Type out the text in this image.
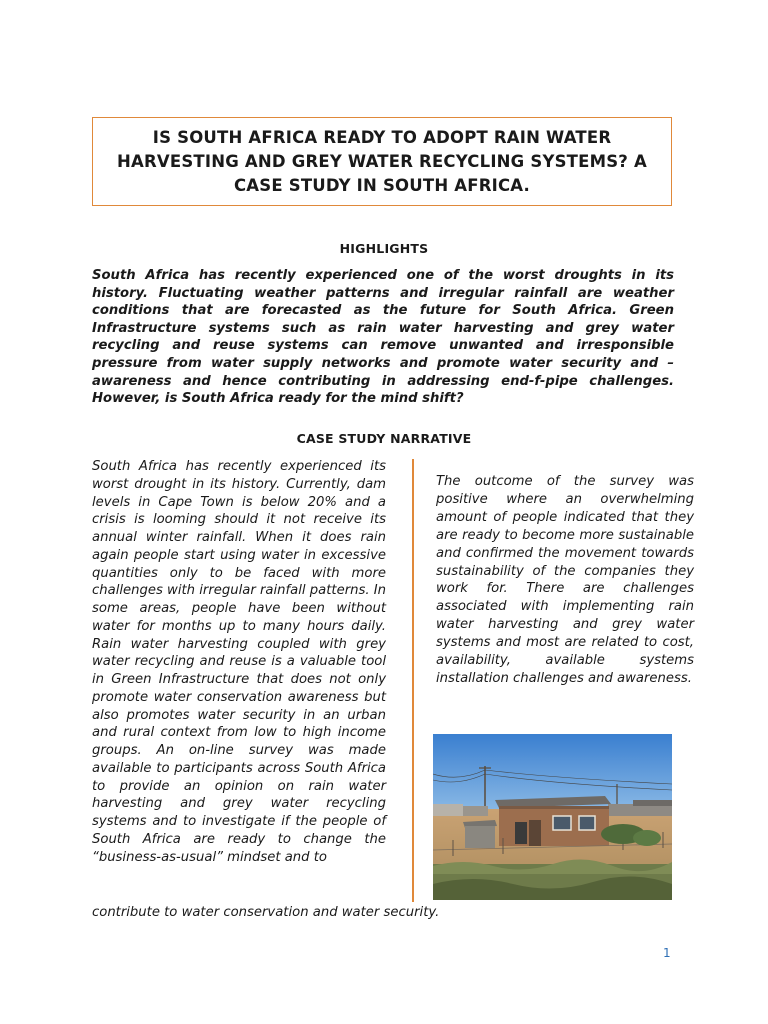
IS SOUTH AFRICA READY TO ADOPT RAIN WATER HARVESTING AND GREY WATER RECYCLING SYSTEMS? A CASE STUDY IN SOUTH AFRICA.
HIGHLIGHTS

South Africa has recently experienced one of the worst droughts in its history. Fluctuating weather patterns and irregular rainfall are weather conditions that are forecasted as the future for South Africa. Green Infrastructure systems such as rain water harvesting and grey water recycling and reuse systems can remove unwanted and irresponsible pressure from water supply networks and promote water security and – awareness and hence contributing in addressing end-f-pipe challenges. However, is South Africa ready for the mind shift?

CASE STUDY NARRATIVE

South Africa has recently experienced its worst drought in its history. Currently, dam levels in Cape Town is below 20% and a crisis is looming should it not receive its annual winter rainfall. When it does rain again people start using water in excessive quantities only to be faced with more challenges with irregular rainfall patterns. In some areas, people have been without water for months up to many hours daily. Rain water harvesting coupled with grey water recycling and reuse is a valuable tool in Green Infrastructure that does not only promote water conservation awareness but also promotes water security in an urban and rural context from low to high income groups. An on-line survey was made available to participants across South Africa to provide an opinion on rain water harvesting and grey water recycling systems and to investigate if the people of South Africa are ready to change the “business-as-usual” mindset and to

contribute to water conservation and water security.

The outcome of the survey was positive where an overwhelming amount of people indicated that they are ready to become more sustainable and confirmed the movement towards sustainability of the companies they work for. There are challenges associated with implementing rain water harvesting and grey water systems and most are related to cost, availability, available systems installation challenges and awareness.

1
